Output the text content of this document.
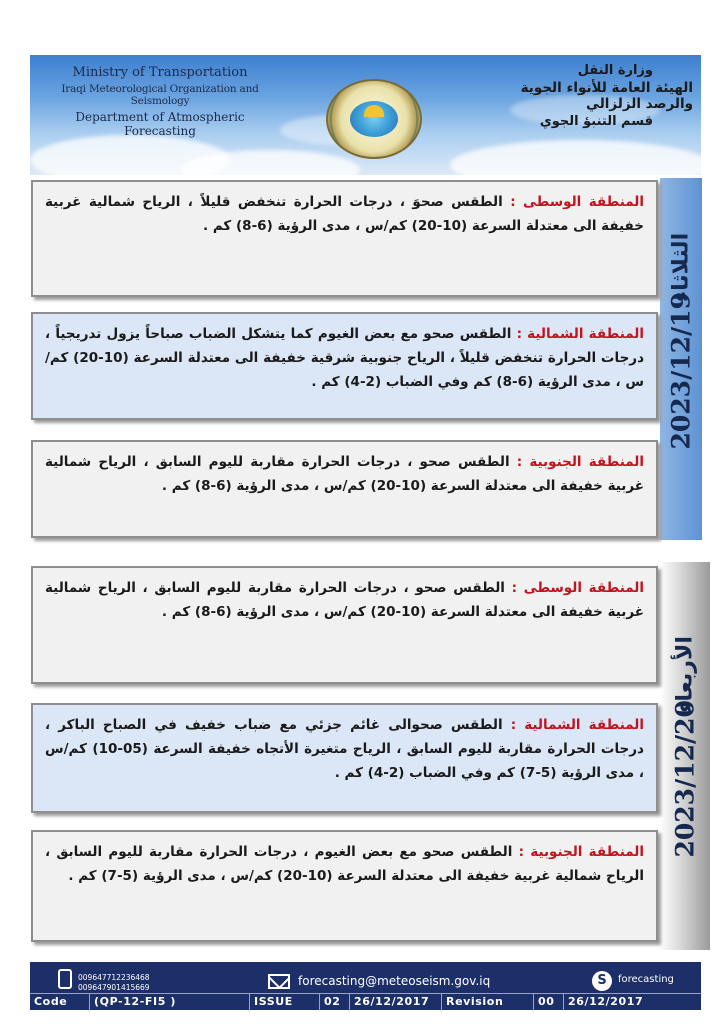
Ministry of Transportation
Iraqi Meteorological Organization and Seismology
Department of Atmospheric Forecasting
وزارة النقل
الهيئة العامة للأنواء الجوية والرصد الزلزالي
قسم التنبؤ الجوي
2023/12/19
الثلاثاء
2023/12/20
الأربعاء
المنطقة الوسطى : الطقس صحوَ ، درجات الحرارة تنخفض قليلاً ، الرياح شمالية غربية خفيفة الى معتدلة السرعة (10-20) كم/س ، مدى الرؤية (6-8) كم .
المنطقة الشمالية : الطقس صحو مع بعض الغيوم كما يتشكل الضباب صباحاً يزول تدريجياً ، درجات الحرارة تنخفض قليلاً ، الرياح جنوبية شرقية خفيفة الى معتدلة السرعة (10-20) كم/س ، مدى الرؤية (6-8) كم وفي الضباب (2-4) كم .
المنطقة الجنوبية : الطقس صحو ، درجات الحرارة مقاربة لليوم السابق ، الرياح شمالية غربية خفيفة الى معتدلة السرعة (10-20) كم/س ، مدى الرؤية (6-8) كم .
المنطقة الوسطى : الطقس صحو ، درجات الحرارة مقاربة لليوم السابق ، الرياح شمالية غربية خفيفة الى معتدلة السرعة (10-20) كم/س ، مدى الرؤية (6-8) كم .
المنطقة الشمالية : الطقس صحوالى غائم جزئي مع ضباب خفيف في الصباح الباكر ، درجات الحرارة مقاربة لليوم السابق ، الرياح متغيرة الأتجاه خفيفة السرعة (05-10) كم/س ، مدى الرؤية (5-7) كم وفي الضباب (2-4) كم .
المنطقة الجنوبية : الطقس صحو مع بعض الغيوم ، درجات الحرارة مقاربة لليوم السابق ، الرياح شمالية غربية خفيفة الى معتدلة السرعة (10-20) كم/س ، مدى الرؤية (5-7) كم .
009647712236468
009647901415669	forecasting@meteoseism.gov.iq	S	forecasting
Code	(QP-12-FI5 )	ISSUE	02	26/12/2017	Revision	00	26/12/2017
